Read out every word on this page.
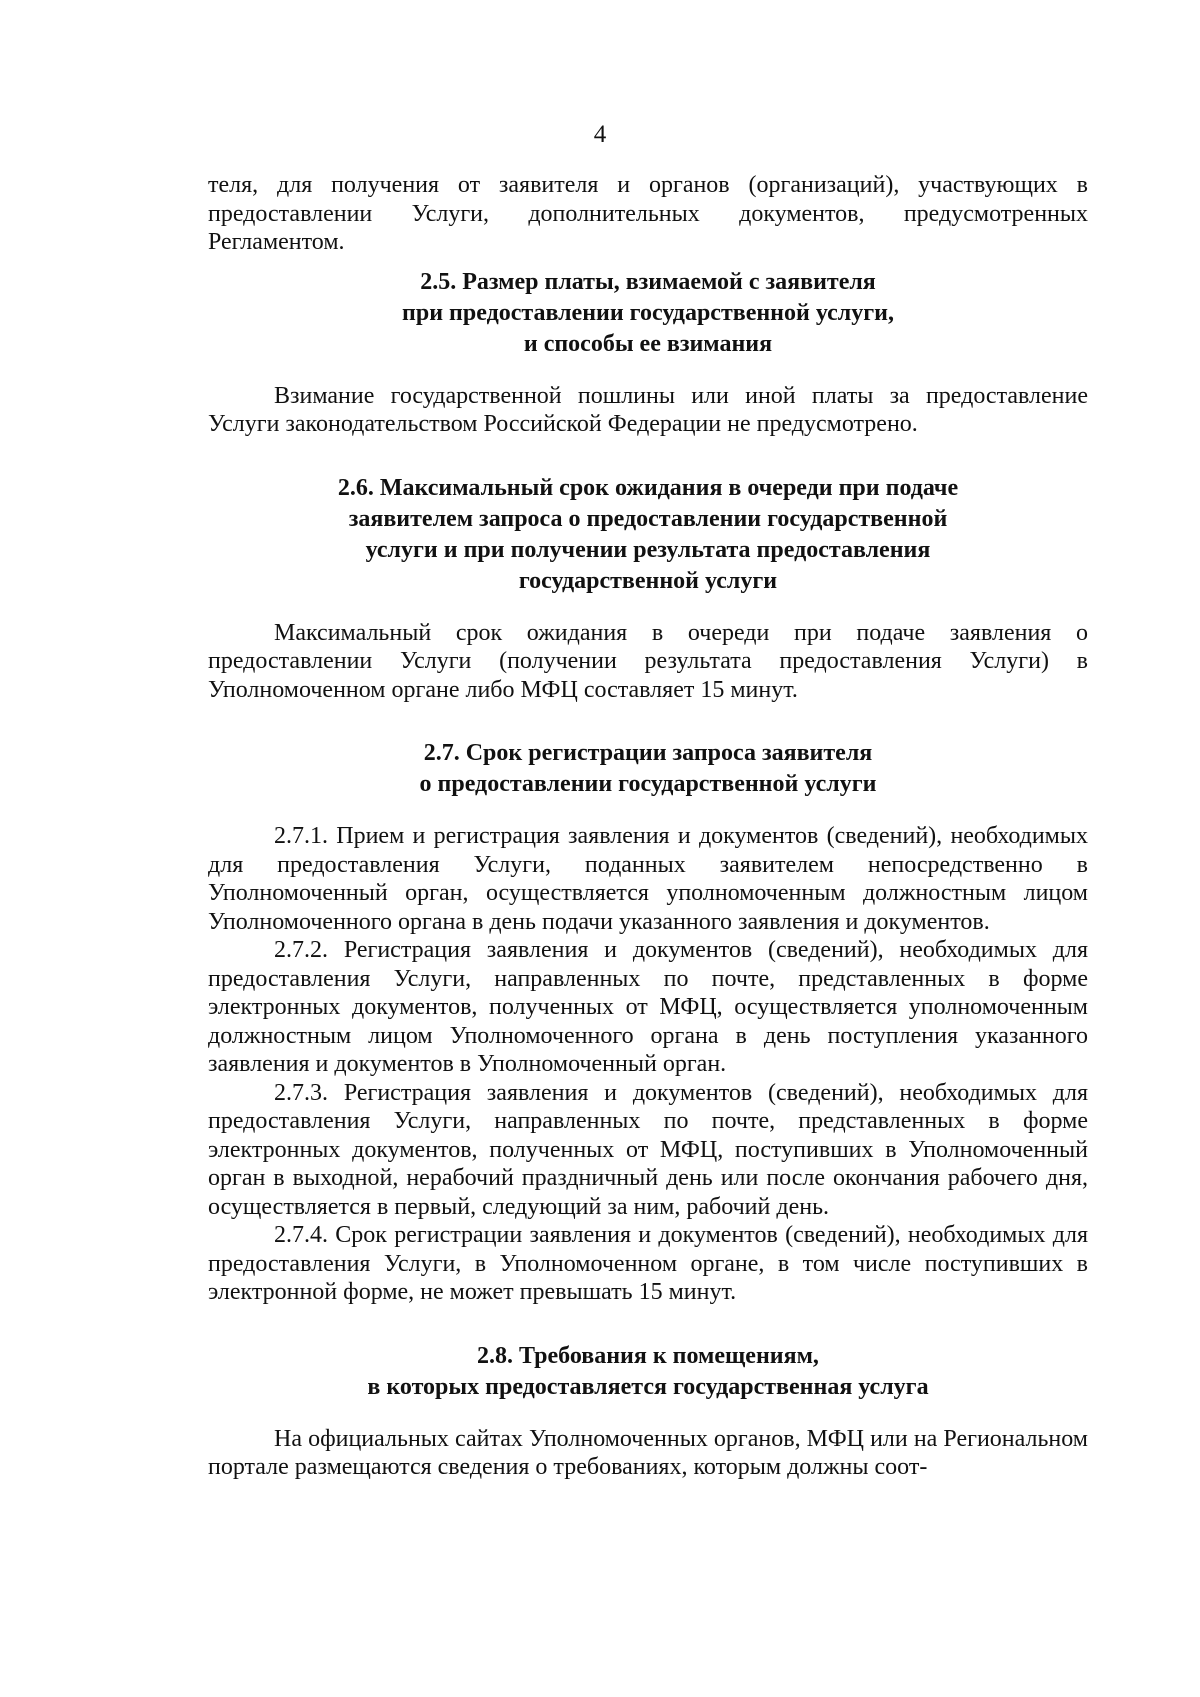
4

теля, для получения от заявителя и органов (организаций), участвующих в предоставлении Услуги, дополнительных документов, предусмотренных Регламентом.

2.5. Размер платы, взимаемой с заявителя

при предоставлении государственной услуги,

и способы ее взимания

Взимание государственной пошлины или иной платы за предоставление Услуги законодательством Российской Федерации не предусмотрено.

2.6. Максимальный срок ожидания в очереди при подаче

заявителем запроса о предоставлении государственной

услуги и при получении результата предоставления

государственной услуги

Максимальный срок ожидания в очереди при подаче заявления о предоставлении Услуги (получении результата предоставления Услуги) в Уполномоченном органе либо МФЦ составляет 15 минут.

2.7. Срок регистрации запроса заявителя

о предоставлении государственной услуги

2.7.1. Прием и регистрация заявления и документов (сведений), необходимых для предоставления Услуги, поданных заявителем непосредственно в Уполномоченный орган, осуществляется уполномоченным должностным лицом Уполномоченного органа в день подачи указанного заявления и документов.

2.7.2. Регистрация заявления и документов (сведений), необходимых для предоставления Услуги, направленных по почте, представленных в форме электронных документов, полученных от МФЦ, осуществляется уполномоченным должностным лицом Уполномоченного органа в день поступления указанного заявления и документов в Уполномоченный орган.

2.7.3. Регистрация заявления и документов (сведений), необходимых для предоставления Услуги, направленных по почте, представленных в форме электронных документов, полученных от МФЦ, поступивших в Уполномоченный орган в выходной, нерабочий праздничный день или после окончания рабочего дня, осуществляется в первый, следующий за ним, рабочий день.

2.7.4. Срок регистрации заявления и документов (сведений), необходимых для предоставления Услуги, в Уполномоченном органе, в том числе поступивших в электронной форме, не может превышать 15 минут.

2.8. Требования к помещениям,

в которых предоставляется государственная услуга

На официальных сайтах Уполномоченных органов, МФЦ или на Региональном портале размещаются сведения о требованиях, которым должны соот-
